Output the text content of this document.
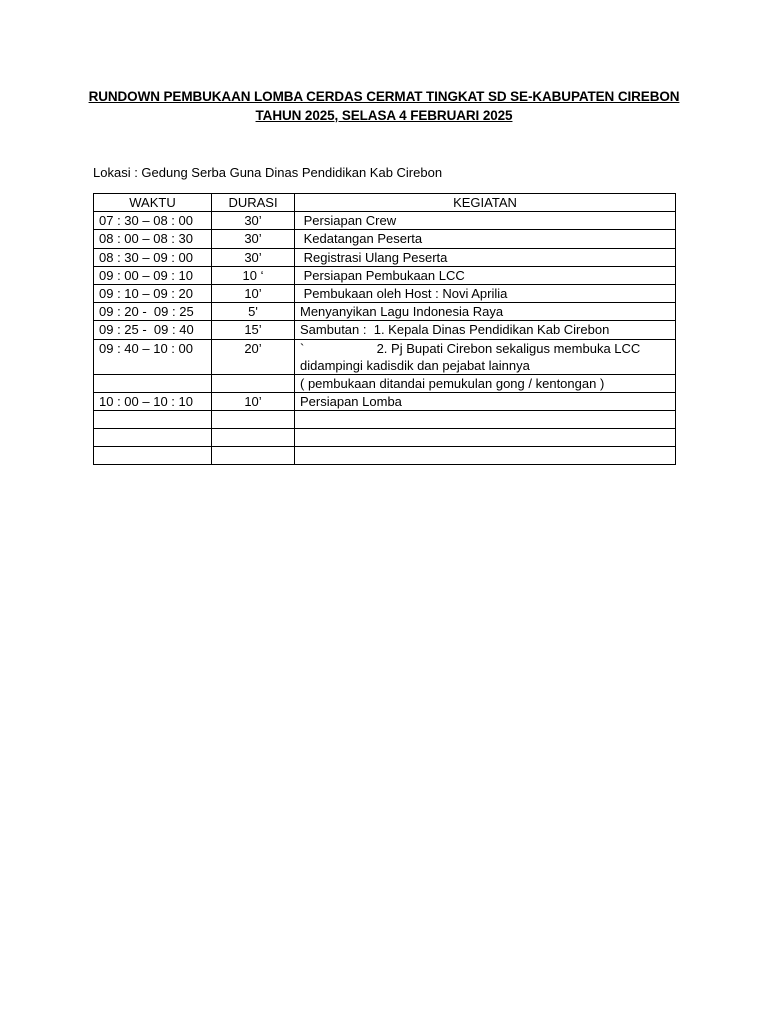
RUNDOWN PEMBUKAAN LOMBA CERDAS CERMAT TINGKAT SD SE-KABUPATEN CIREBON
TAHUN 2025, SELASA 4 FEBRUARI 2025
Lokasi : Gedung Serba Guna Dinas Pendidikan Kab Cirebon
WAKTU	DURASI	KEGIATAN
07 : 30 – 08 : 00	30’	Persiapan Crew
08 : 00 – 08 : 30	30’	Kedatangan Peserta
08 : 30 – 09 : 00	30’	Registrasi Ulang Peserta
09 : 00 – 09 : 10	10 ‘	Persiapan Pembukaan LCC
09 : 10 – 09 : 20	10’	Pembukaan oleh Host : Novi Aprilia
09 : 20 -  09 : 25	5'	Menyanyikan Lagu Indonesia Raya
09 : 25 -  09 : 40	15’	Sambutan :  1. Kepala Dinas Pendidikan Kab Cirebon
09 : 40 – 10 : 00	20’	`                    2. Pj Bupati Cirebon sekaligus membuka LCC
didampingi kadisdik dan pejabat lainnya

		( pembukaan ditandai pemukulan gong / kentongan )
10 : 00 – 10 : 10	10’	Persiapan Lomba
